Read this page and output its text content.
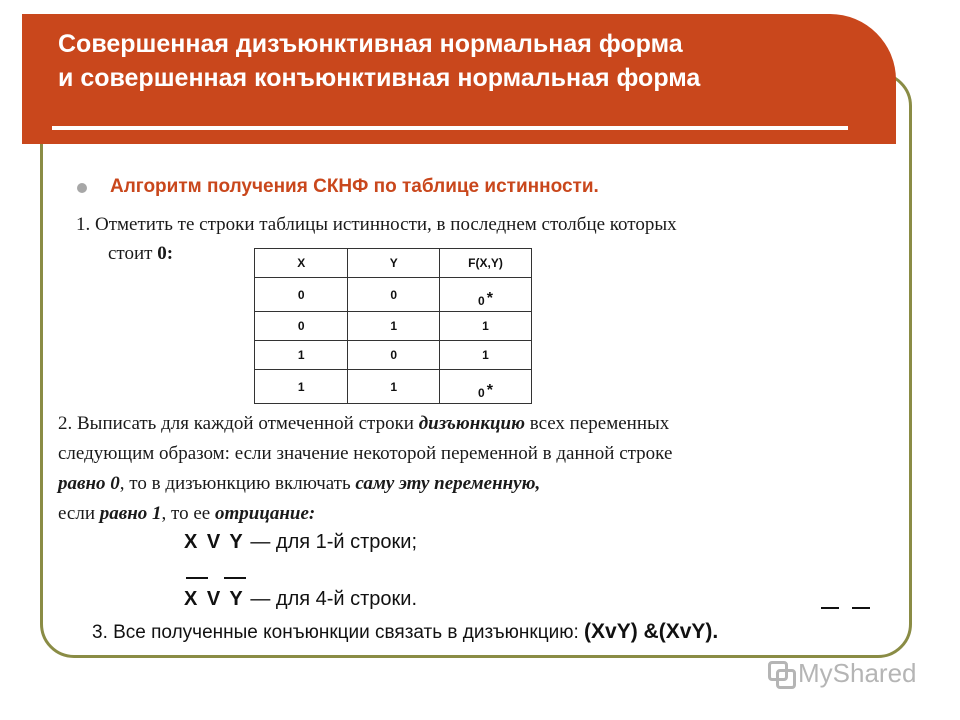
Совершенная дизъюнктивная нормальная форма
и совершенная конъюнктивная нормальная форма
Алгоритм получения СКНФ по таблице истинности.
1. Отметить те строки таблицы истинности, в последнем столбце которых
стоит 0:	X	Y	F(X,Y)
0	0	0 *
0	1	1
1	0	1
1	1	0 *
2. Выписать для каждой отмеченной строки дизъюнкцию всех переменных
следующим образом: если значение некоторой переменной в данной строке
равно 0, то в дизъюнкцию включать саму эту переменную,
если равно 1, то ее отрицание:
X V Y — для 1-й строки;
X V Y — для 4-й строки.
3. Все полученные конъюнкции связать в дизъюнкцию: (XvY) &(XvY).
MyShared
